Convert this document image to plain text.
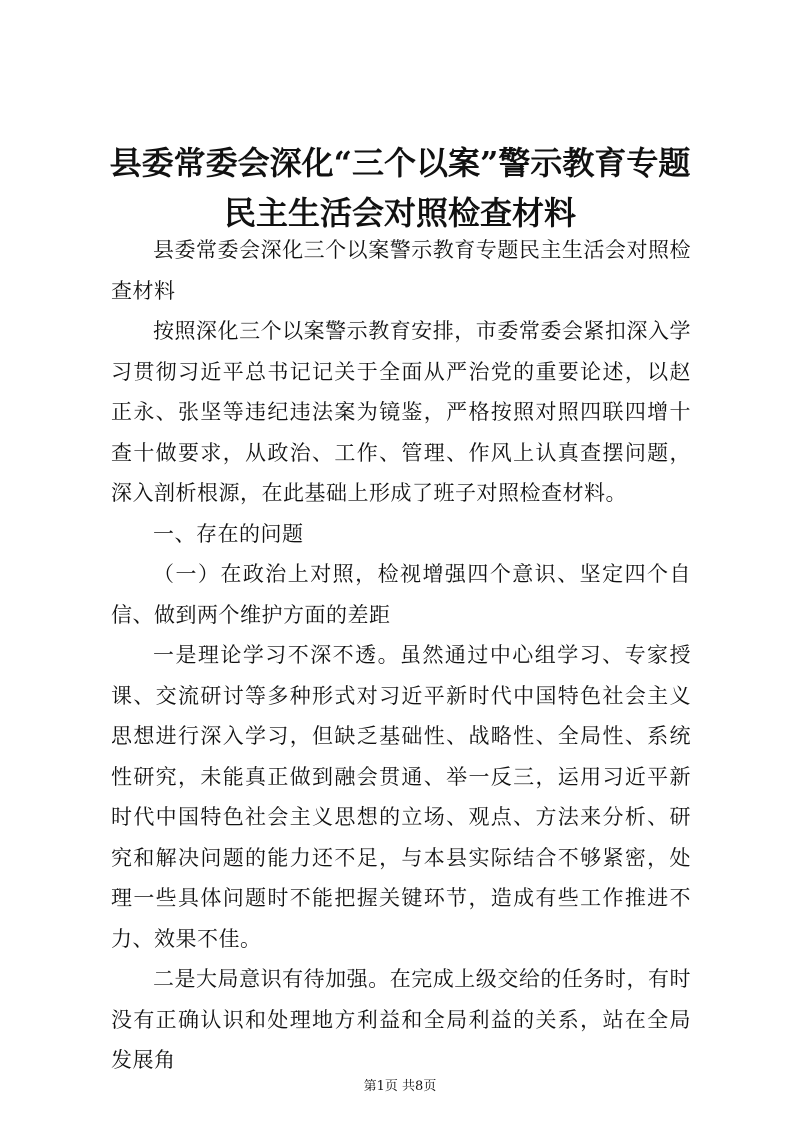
县委常委会深化“三个以案”警示教育专题民主生活会对照检查材料

县委常委会深化三个以案警示教育专题民主生活会对照检查材料

按照深化三个以案警示教育安排，市委常委会紧扣深入学习贯彻习近平总书记记关于全面从严治党的重要论述，以赵正永、张坚等违纪违法案为镜鉴，严格按照对照四联四增十查十做要求，从政治、工作、管理、作风上认真查摆问题，深入剖析根源，在此基础上形成了班子对照检查材料。

一、存在的问题

（一）在政治上对照，检视增强四个意识、坚定四个自信、做到两个维护方面的差距

一是理论学习不深不透。虽然通过中心组学习、专家授课、交流研讨等多种形式对习近平新时代中国特色社会主义思想进行深入学习，但缺乏基础性、战略性、全局性、系统性研究，未能真正做到融会贯通、举一反三，运用习近平新时代中国特色社会主义思想的立场、观点、方法来分析、研究和解决问题的能力还不足，与本县实际结合不够紧密，处理一些具体问题时不能把握关键环节，造成有些工作推进不力、效果不佳。

二是大局意识有待加强。在完成上级交给的任务时，有时没有正确认识和处理地方利益和全局利益的关系，站在全局发展角

第1页 共8页
